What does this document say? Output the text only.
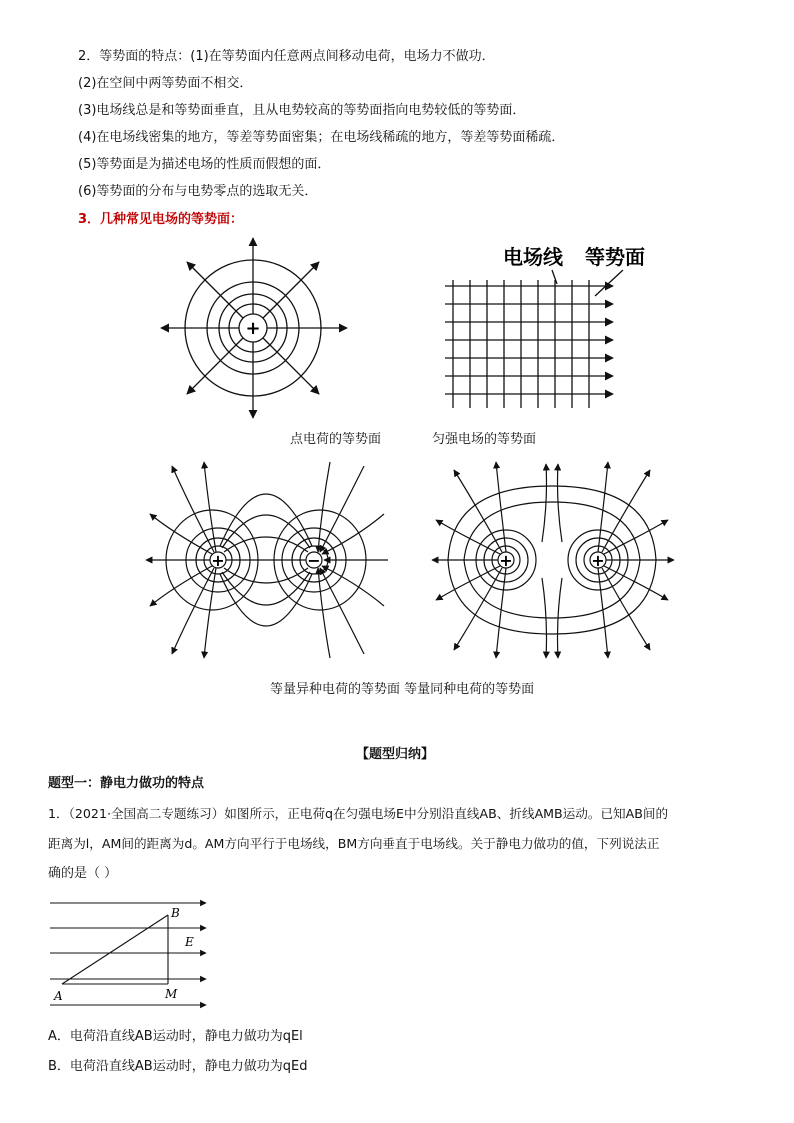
2．等势面的特点：(1)在等势面内任意两点间移动电荷，电场力不做功．
(2)在空间中两等势面不相交．
(3)电场线总是和等势面垂直，且从电势较高的等势面指向电势较低的等势面．
(4)在电场线密集的地方，等差等势面密集；在电场线稀疏的地方，等差等势面稀疏．
(5)等势面是为描述电场的性质而假想的面．
(6)等势面的分布与电势零点的选取无关．
3．几种常见电场的等势面：
+
电场线 等势面
点电荷的等势面	匀强电场的等势面
+	−	+	+
等量异种电荷的等势面 等量同种电荷的等势面
【题型归纳】
题型一：静电力做功的特点
1．（2021·全国高二专题练习）如图所示，正电荷q在匀强电场E中分别沿直线AB、折线AMB运动。已知AB间的
距离为l，AM间的距离为d。AM方向平行于电场线，BM方向垂直于电场线。关于静电力做功的值，下列说法正
确的是（ ）
B
E
A	M
A．电荷沿直线AB运动时，静电力做功为qEl
B．电荷沿直线AB运动时，静电力做功为qEd
